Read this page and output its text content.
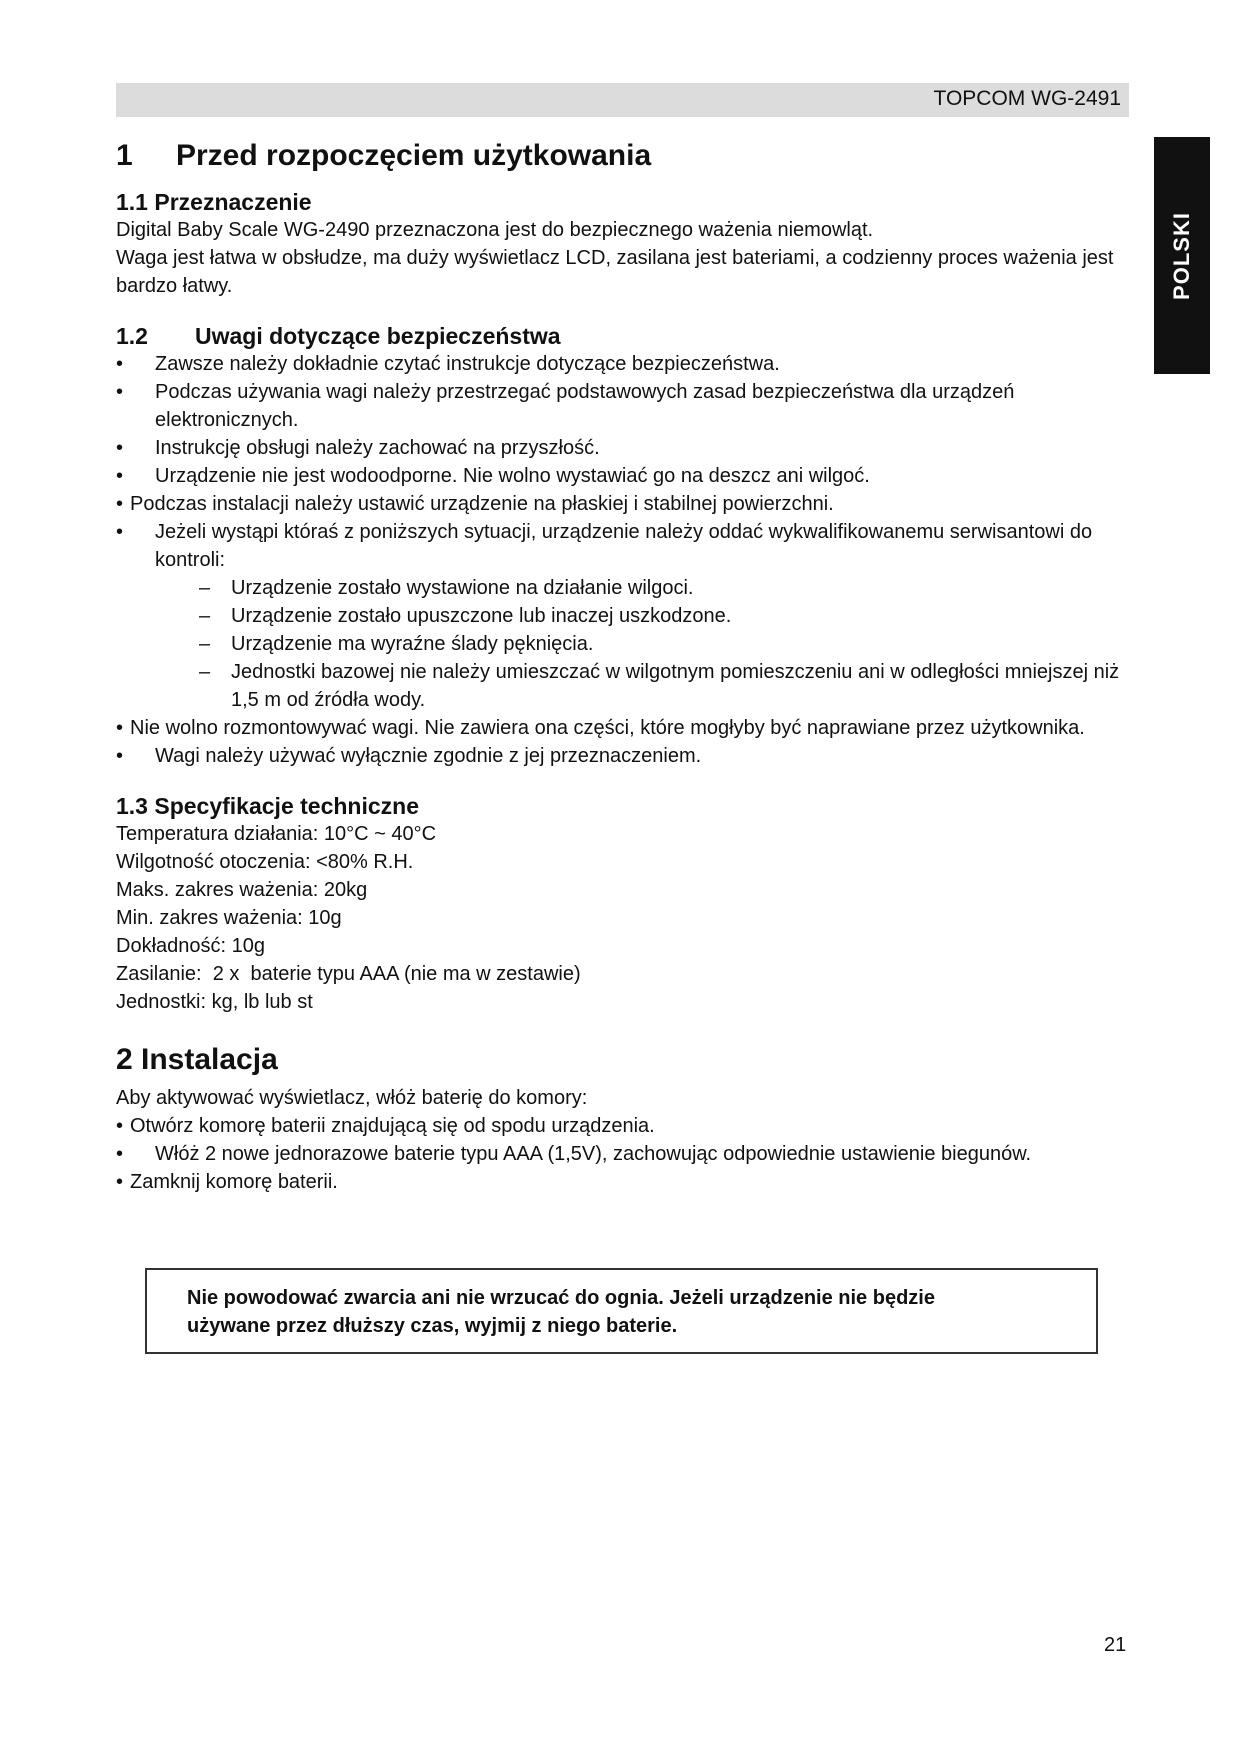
TOPCOM WG-2491
POLSKI
1 Przed rozpoczęciem użytkowania
1.1 Przeznaczenie

Digital Baby Scale WG-2490 przeznaczona jest do bezpiecznego ważenia niemowląt.

Waga jest łatwa w obsłudze, ma duży wyświetlacz LCD, zasilana jest bateriami, a codzienny proces ważenia jest bardzo łatwy.

1.2 Uwagi dotyczące bezpieczeństwa
• Zawsze należy dokładnie czytać instrukcje dotyczące bezpieczeństwa.
• Podczas używania wagi należy przestrzegać podstawowych zasad bezpieczeństwa dla urządzeń elektronicznych.
• Instrukcję obsługi należy zachować na przyszłość.
• Urządzenie nie jest wodoodporne. Nie wolno wystawiać go na deszcz ani wilgoć.
• Podczas instalacji należy ustawić urządzenie na płaskiej i stabilnej powierzchni.
• Jeżeli wystąpi któraś z poniższych sytuacji, urządzenie należy oddać wykwalifikowanemu serwisantowi do kontroli:
– Urządzenie zostało wystawione na działanie wilgoci.
– Urządzenie zostało upuszczone lub inaczej uszkodzone.
– Urządzenie ma wyraźne ślady pęknięcia.
– Jednostki bazowej nie należy umieszczać w wilgotnym pomieszczeniu ani w odległości mniejszej niż 1,5 m od źródła wody.
• Nie wolno rozmontowywać wagi. Nie zawiera ona części, które mogłyby być naprawiane przez użytkownika.
• Wagi należy używać wyłącznie zgodnie z jej przeznaczeniem.
1.3 Specyfikacje techniczne

Temperatura działania: 10°C ~ 40°C

Wilgotność otoczenia: <80% R.H.

Maks. zakres ważenia: 20kg

Min. zakres ważenia: 10g

Dokładność: 10g

Zasilanie:  2 x  baterie typu AAA (nie ma w zestawie)

Jednostki: kg, lb lub st

2 Instalacja

Aby aktywować wyświetlacz, włóż baterię do komory:

• Otwórz komorę baterii znajdującą się od spodu urządzenia.
• Włóż 2 nowe jednorazowe baterie typu AAA (1,5V), zachowując odpowiednie ustawienie biegunów.
• Zamknij komorę baterii.

Nie powodować zwarcia ani nie wrzucać do ognia. Jeżeli urządzenie nie będzie

używane przez dłuższy czas, wyjmij z niego baterie.

21
